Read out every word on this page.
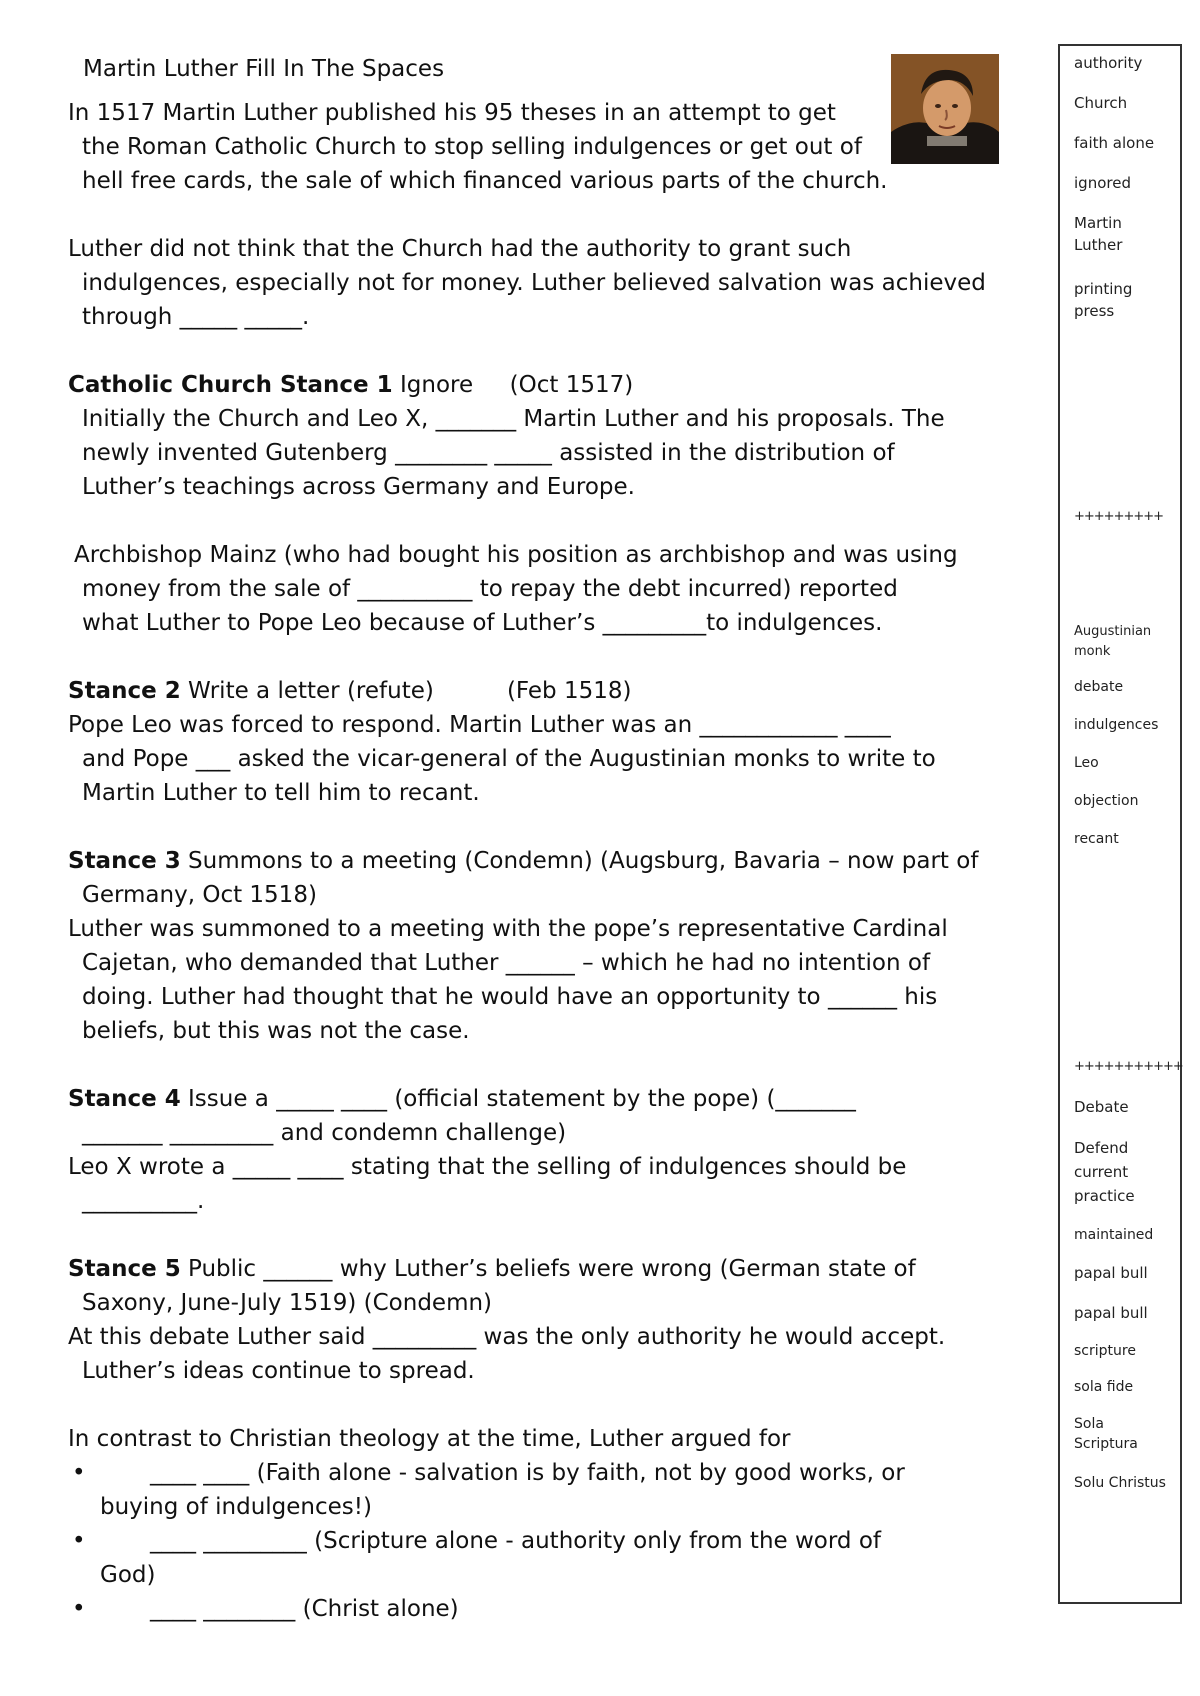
Martin Luther Fill In The Spaces
In 1517 Martin Luther published his 95 theses in an attempt to get
the Roman Catholic Church to stop selling indulgences or get out of
hell free cards, the sale of which financed various parts of the church.
Luther did not think that the Church had the authority to grant such
indulgences, especially not for money. Luther believed salvation was achieved
through _____ _____.
Catholic Church Stance 1 Ignore     (Oct 1517)
Initially the Church and Leo X, _______ Martin Luther and his proposals. The
newly invented Gutenberg ________ _____ assisted in the distribution of
Luther’s teachings across Germany and Europe.
Archbishop Mainz (who had bought his position as archbishop and was using
money from the sale of __________ to repay the debt incurred) reported
what Luther to Pope Leo because of Luther’s _________to indulgences.
Stance 2 Write a letter (refute)          (Feb 1518)
Pope Leo was forced to respond. Martin Luther was an ____________ ____
and Pope ___ asked the vicar-general of the Augustinian monks to write to
Martin Luther to tell him to recant.
Stance 3 Summons to a meeting (Condemn) (Augsburg, Bavaria – now part of
Germany, Oct 1518)
Luther was summoned to a meeting with the pope’s representative Cardinal
Cajetan, who demanded that Luther ______ – which he had no intention of
doing. Luther had thought that he would have an opportunity to ______ his
beliefs, but this was not the case.
Stance 4 Issue a _____ ____ (official statement by the pope) (_______
_______ _________ and condemn challenge)
Leo X wrote a _____ ____ stating that the selling of indulgences should be
__________.
Stance 5 Public ______ why Luther’s beliefs were wrong (German state of
Saxony, June-July 1519) (Condemn)
At this debate Luther said _________ was the only authority he would accept.
Luther’s ideas continue to spread.
In contrast to Christian theology at the time, Luther argued for
•	____ ____ (Faith alone - salvation is by faith, not by good works, or
buying of indulgences!)
•	____ _________ (Scripture alone - authority only from the word of
God)
•	____ ________ (Christ alone)
authority
Church
faith alone
ignored
Martin Luther
printing press
+++++++++
Augustinian monk
debate
indulgences
Leo
objection
recant
+++++++++++
Debate
Defend current practice
maintained
papal bull
papal bull
scripture
sola fide
Sola Scriptura
Solu Christus
